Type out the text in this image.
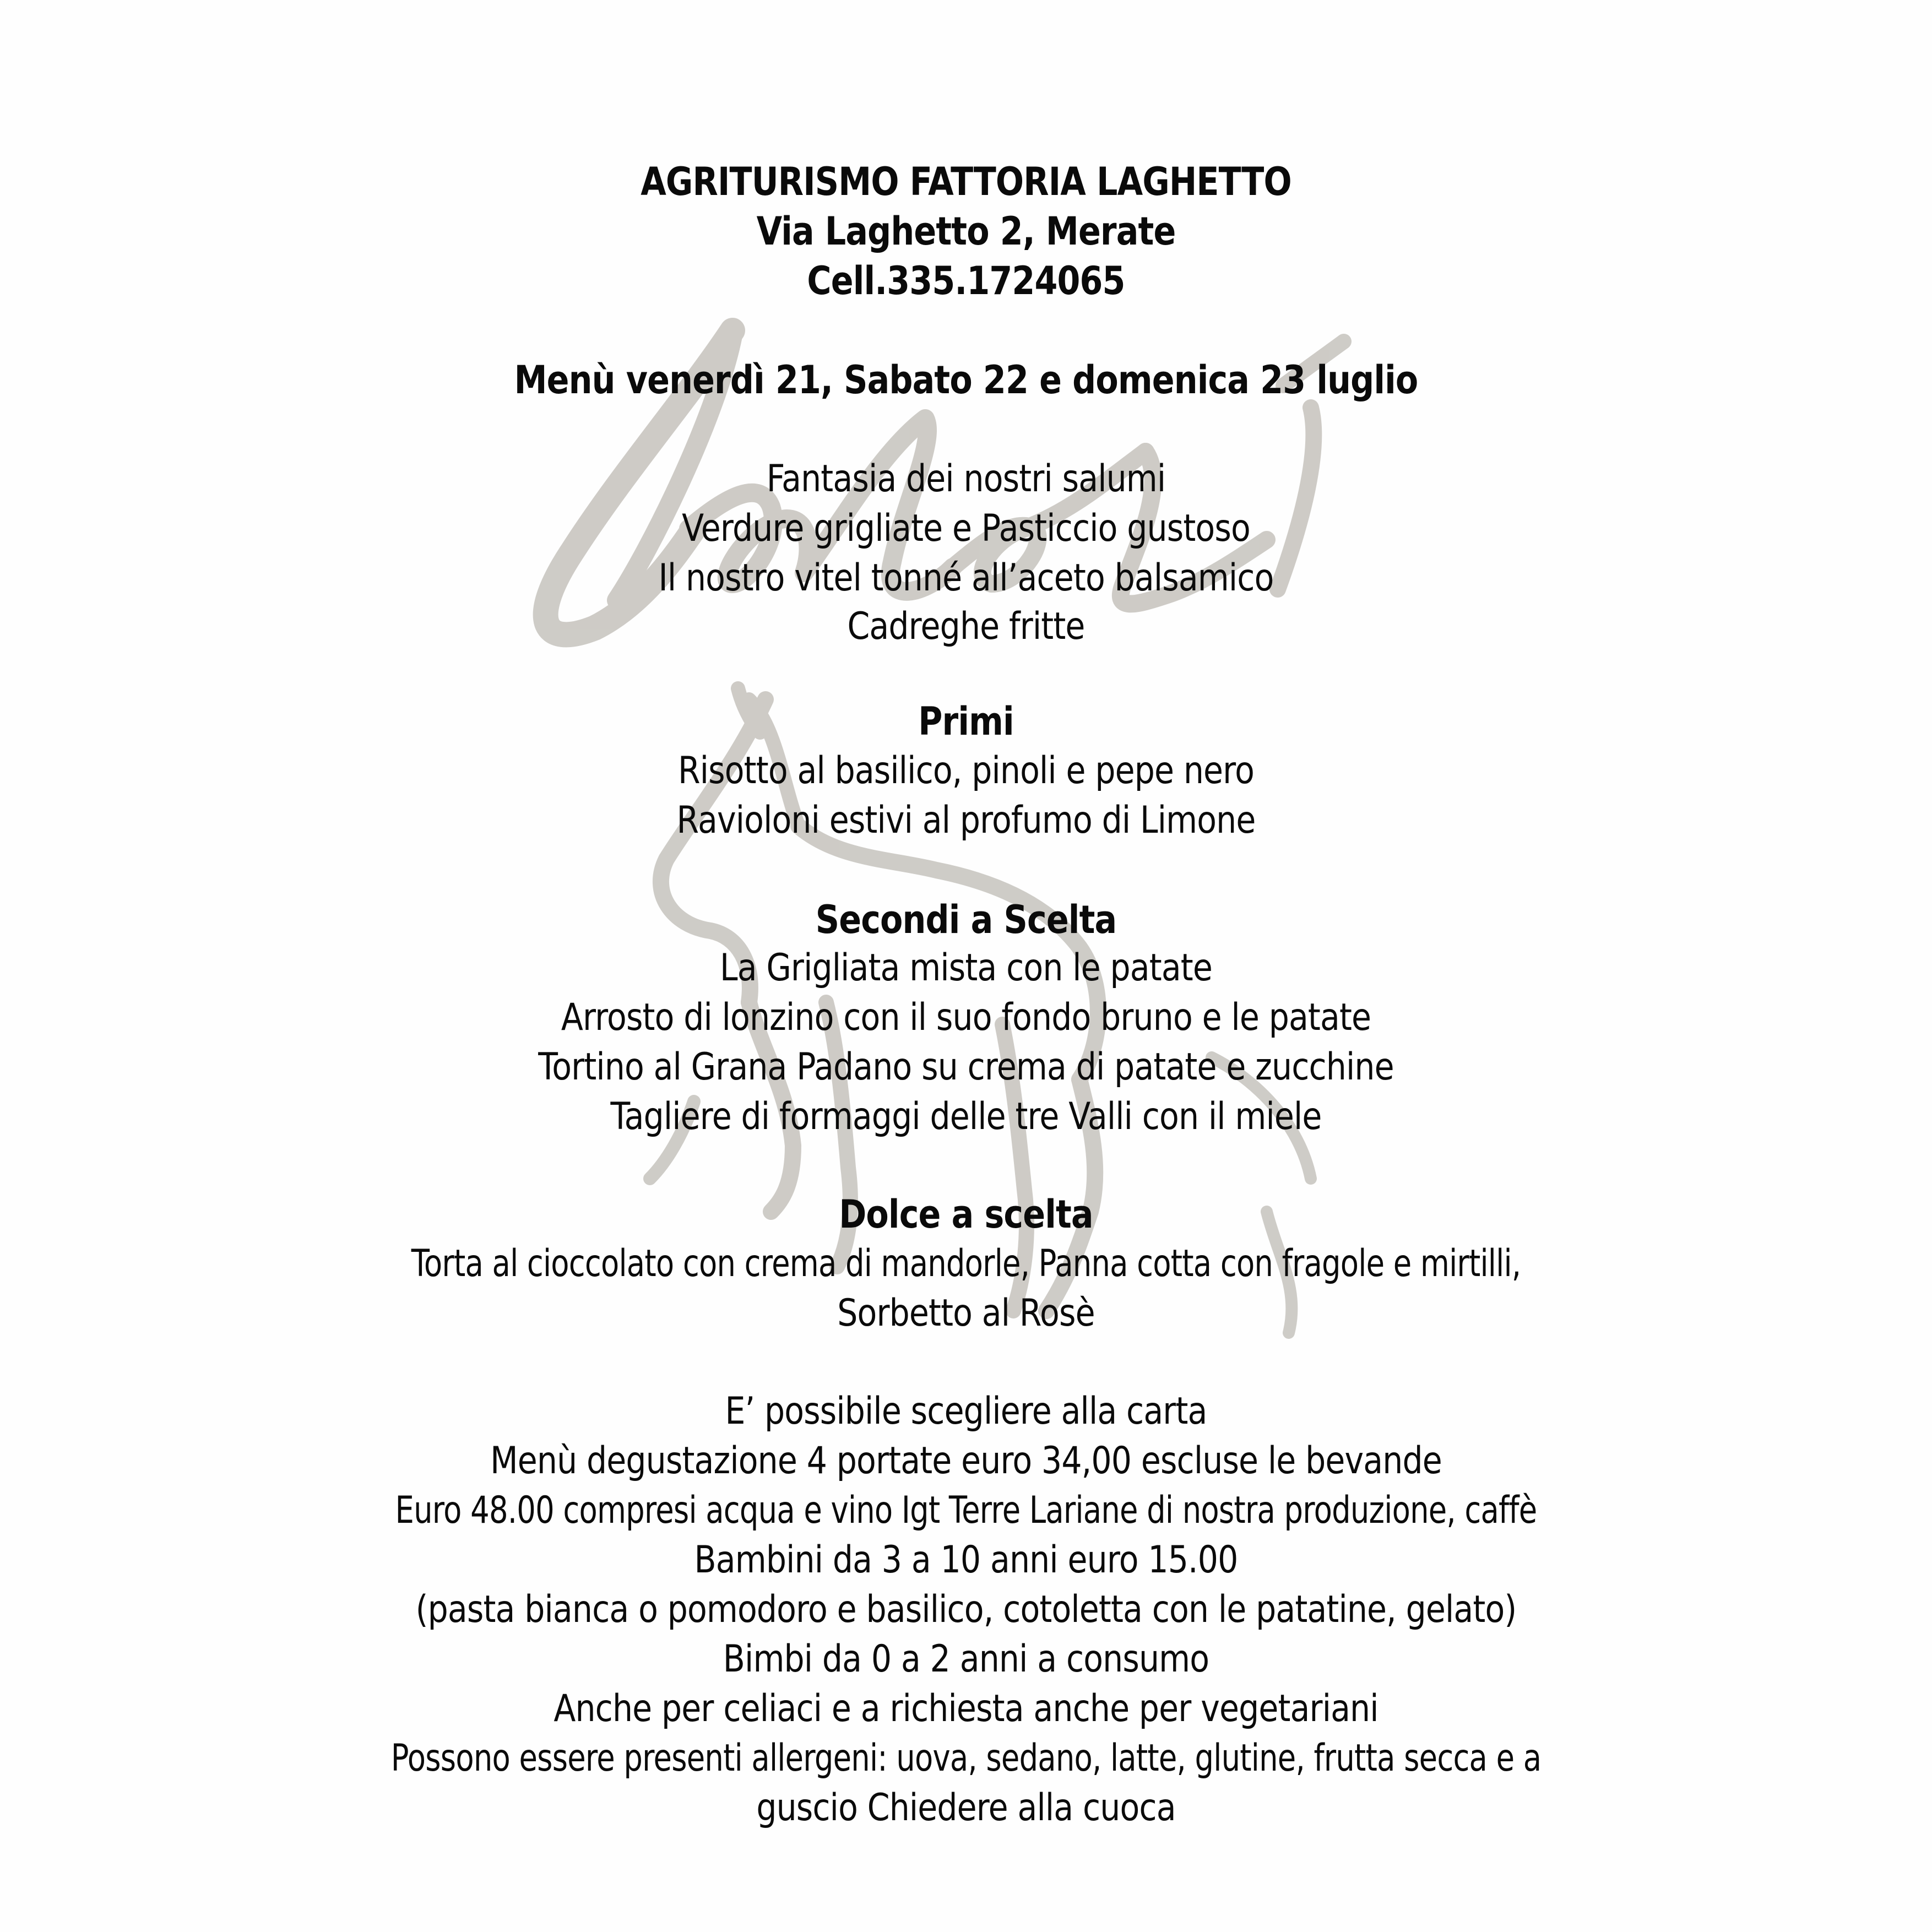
AGRITURISMO FATTORIA LAGHETTO
Via Laghetto 2, Merate
Cell.335.1724065
Menù venerdì 21, Sabato 22 e domenica 23 luglio
Fantasia dei nostri salumi
Verdure grigliate e Pasticcio gustoso
Il nostro vitel tonné all’aceto balsamico
Cadreghe fritte
Primi
Risotto al basilico, pinoli e pepe nero
Ravioloni estivi al profumo di Limone
Secondi a Scelta
La Grigliata mista con le patate
Arrosto di lonzino con il suo fondo bruno e le patate
Tortino al Grana Padano su crema di patate e zucchine
Tagliere di formaggi delle tre Valli con il miele
Dolce a scelta
Torta al cioccolato con crema di mandorle, Panna cotta con fragole e mirtilli,
Sorbetto al Rosè
E’ possibile scegliere alla carta
Menù degustazione 4 portate euro 34,00 escluse le bevande
Euro 48.00 compresi acqua e vino Igt Terre Lariane di nostra produzione, caffè
Bambini da 3 a 10 anni euro 15.00
(pasta bianca o pomodoro e basilico, cotoletta con le patatine, gelato)
Bimbi da 0 a 2 anni a consumo
Anche per celiaci e a richiesta anche per vegetariani
Possono essere presenti allergeni: uova, sedano, latte, glutine, frutta secca e a
guscio Chiedere alla cuoca
